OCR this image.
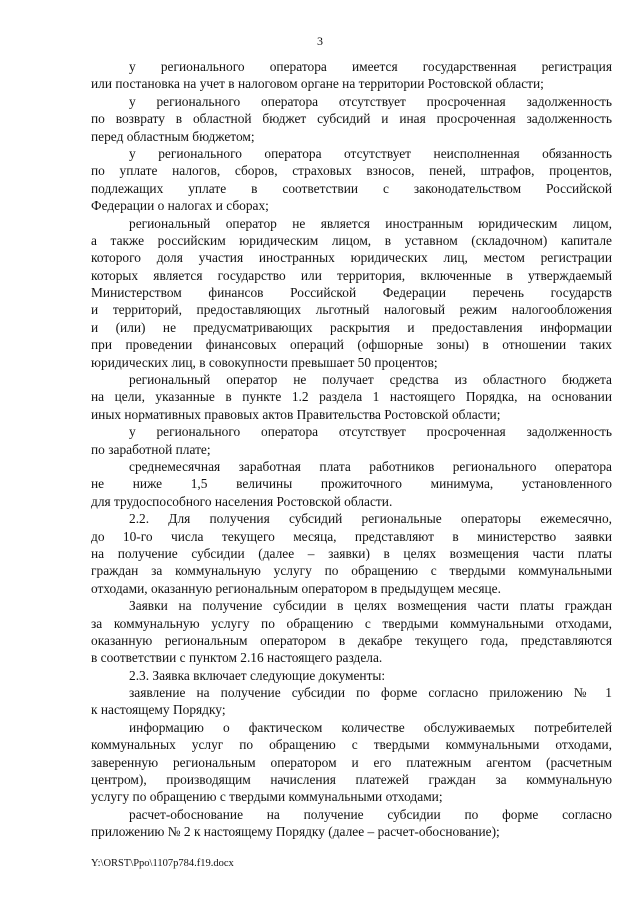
3
у регионального оператора имеется государственная регистрация
или постановка на учет в налоговом органе на территории Ростовской области;
у регионального оператора отсутствует просроченная задолженность
по возврату в областной бюджет субсидий и иная просроченная задолженность
перед областным бюджетом;
у регионального оператора отсутствует неисполненная обязанность
по уплате налогов, сборов, страховых взносов, пеней, штрафов, процентов,
подлежащих уплате в соответствии с законодательством Российской
Федерации о налогах и сборах;
региональный оператор не является иностранным юридическим лицом,
а также российским юридическим лицом, в уставном (складочном) капитале
которого доля участия иностранных юридических лиц, местом регистрации
которых является государство или территория, включенные в утверждаемый
Министерством финансов Российской Федерации перечень государств
и территорий, предоставляющих льготный налоговый режим налогообложения
и (или) не предусматривающих раскрытия и предоставления информации
при проведении финансовых операций (офшорные зоны) в отношении таких
юридических лиц, в совокупности превышает 50 процентов;
региональный оператор не получает средства из областного бюджета
на цели, указанные в пункте 1.2 раздела 1 настоящего Порядка, на основании
иных нормативных правовых актов Правительства Ростовской области;
у регионального оператора отсутствует просроченная задолженность
по заработной плате;
среднемесячная заработная плата работников регионального оператора
не ниже 1,5 величины прожиточного минимума, установленного
для трудоспособного населения Ростовской области.
2.2. Для получения субсидий региональные операторы ежемесячно,
до 10-го числа текущего месяца, представляют в министерство заявки
на получение субсидии (далее – заявки) в целях возмещения части платы
граждан за коммунальную услугу по обращению с твердыми коммунальными
отходами, оказанную региональным оператором в предыдущем месяце.
Заявки на получение субсидии в целях возмещения части платы граждан
за коммунальную услугу по обращению с твердыми коммунальными отходами,
оказанную региональным оператором в декабре текущего года, представляются
в соответствии с пунктом 2.16 настоящего раздела.
2.3. Заявка включает следующие документы:
заявление на получение субсидии по форме согласно приложению № 1
к настоящему Порядку;
информацию о фактическом количестве обслуживаемых потребителей
коммунальных услуг по обращению с твердыми коммунальными отходами,
заверенную региональным оператором и его платежным агентом (расчетным
центром), производящим начисления платежей граждан за коммунальную
услугу по обращению с твердыми коммунальными отходами;
расчет-обоснование на получение субсидии по форме согласно
приложению № 2 к настоящему Порядку (далее – расчет-обоснование);
Y:\ORST\Ppo\1107p784.f19.docx
